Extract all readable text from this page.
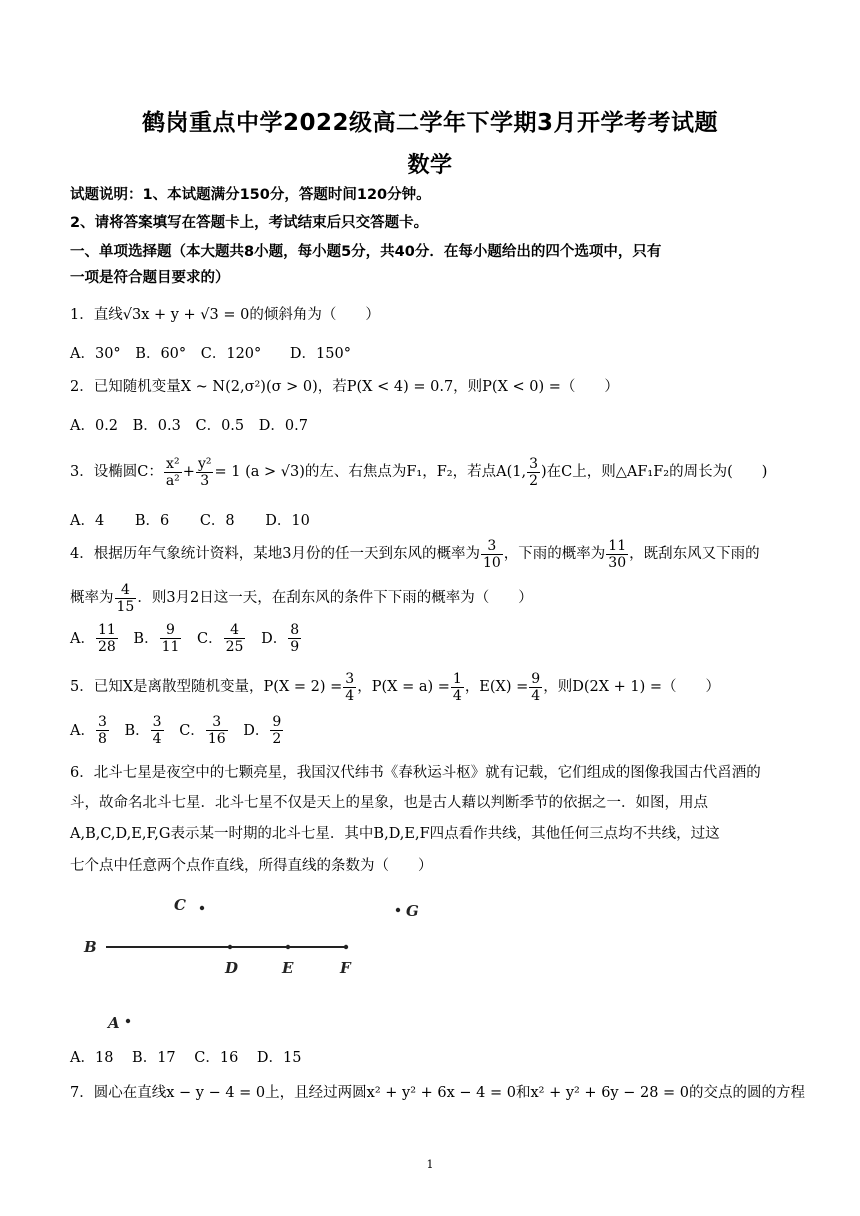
鹤岗重点中学2022级高二学年下学期3月开学考考试题
数学
试题说明：1、本试题满分150分，答题时间120分钟。
2、请将答案填写在答题卡上，考试结束后只交答题卡。
一、单项选择题（本大题共8小题，每小题5分，共40分．在每小题给出的四个选项中，只有
一项是符合题目要求的）
1．直线√3x + y + √3 = 0的倾斜角为（　　）
A．30° B．60° C．120° D．150°
2．已知随机变量X ~ N(2,σ²)(σ > 0)，若P(X < 4) = 0.7，则P(X < 0) =（　　）
A．0.2 B．0.3 C．0.5 D．0.7
3．设椭圆C： $\frac{\text{x²}}{\text{a²}} + \frac{\text{y²}}{3} = 1$ (a > √3)的左、右焦点为F₁，F₂，若点A(1, $\frac{3}{2}$ )在C上，则△AF₁F₂的周长为(　　)
A．4 B．6 C．8 D．10
4．根据历年气象统计资料，某地3月份的任一天到东风的概率为 $\frac{3}{10}$ ，下雨的概率为 $\frac{11}{30}$ ，既刮东风又下雨的
概率为 $\frac{4}{15}$ ．则3月2日这一天，在刮东风的条件下下雨的概率为（　　）
A． $\frac{11}{28}$ B． $\frac{9}{11}$ C． $\frac{4}{25}$ D． $\frac{8}{9}$
5．已知X是离散型随机变量，$P(X = 2) = \frac{3}{4}$ ，$P(X = a) = \frac{1}{4}$ ，$E(X) = \frac{9}{4}$ ，则D(2X + 1) =（　　）
A． $\frac{3}{8}$ B． $\frac{3}{4}$ C． $\frac{3}{16}$ D． $\frac{9}{2}$
6．北斗七星是夜空中的七颗亮星，我国汉代纬书《春秋运斗枢》就有记载，它们组成的图像我国古代舀酒的
斗，故命名北斗七星．北斗七星不仅是天上的星象，也是古人藉以判断季节的依据之一．如图，用点
A,B,C,D,E,F,G表示某一时期的北斗七星．其中B,D,E,F四点看作共线，其他任何三点均不共线，过这
七个点中任意两个点作直线，所得直线的条数为（　　）
C	G
B
D	E	F
A
A．18 B．17 C．16 D．15
7．圆心在直线x − y − 4 = 0上，且经过两圆x² + y² + 6x − 4 = 0和x² + y² + 6y − 28 = 0的交点的圆的方程
1
